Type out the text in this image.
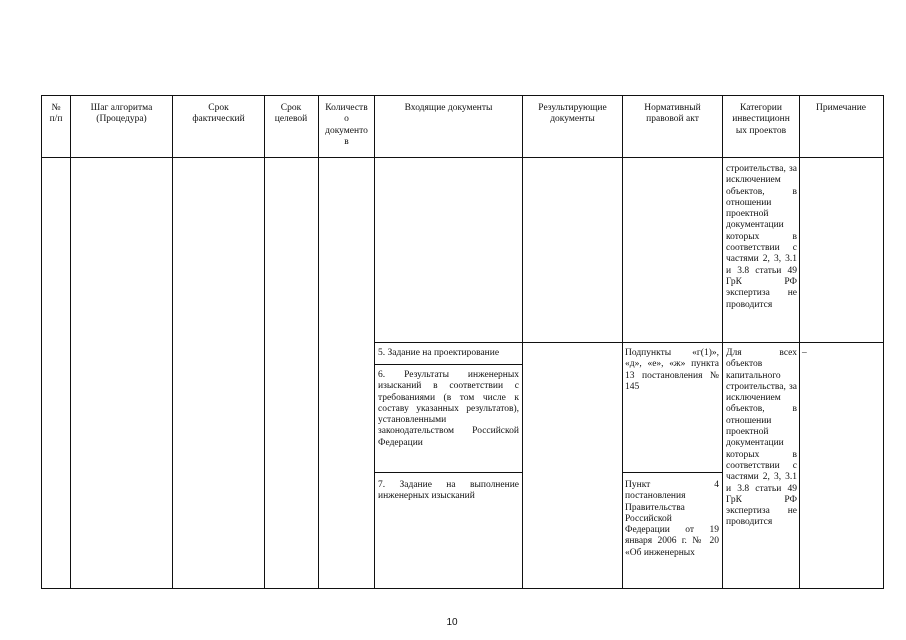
№
п/п
Шаг алгоритма
(Процедура)
Срок
фактический
Срок
целевой
Количеств
о
документо
в
Входящие документы	Результирующие
документы
Нормативный
правовой акт
Категории
инвестиционн
ых проектов
Примечание
строительства, за исключением объектов, в отношении проектной документации которых в соответствии с частями 2, 3, 3.1 и 3.8 статьи 49 ГрК РФ экспертиза не проводится
5. Задание на проектирование
6. Результаты инженерных изысканий в соответствии с требованиями (в том числе к составу указанных результатов), установленными законодательством Российской Федерации
7. Задание на выполнение инженерных изысканий
Подпункты «г(1)», «д», «е», «ж» пункта 13 постановления № 145
Пункт 4 постановления Правительства Российской Федерации от 19 января 2006 г. № 20 «Об инженерных
Для всех объектов капитального строительства, за исключением объектов, в отношении проектной документации которых в соответствии с частями 2, 3, 3.1 и 3.8 статьи 49 ГрК РФ экспертиза не проводится
–
10
